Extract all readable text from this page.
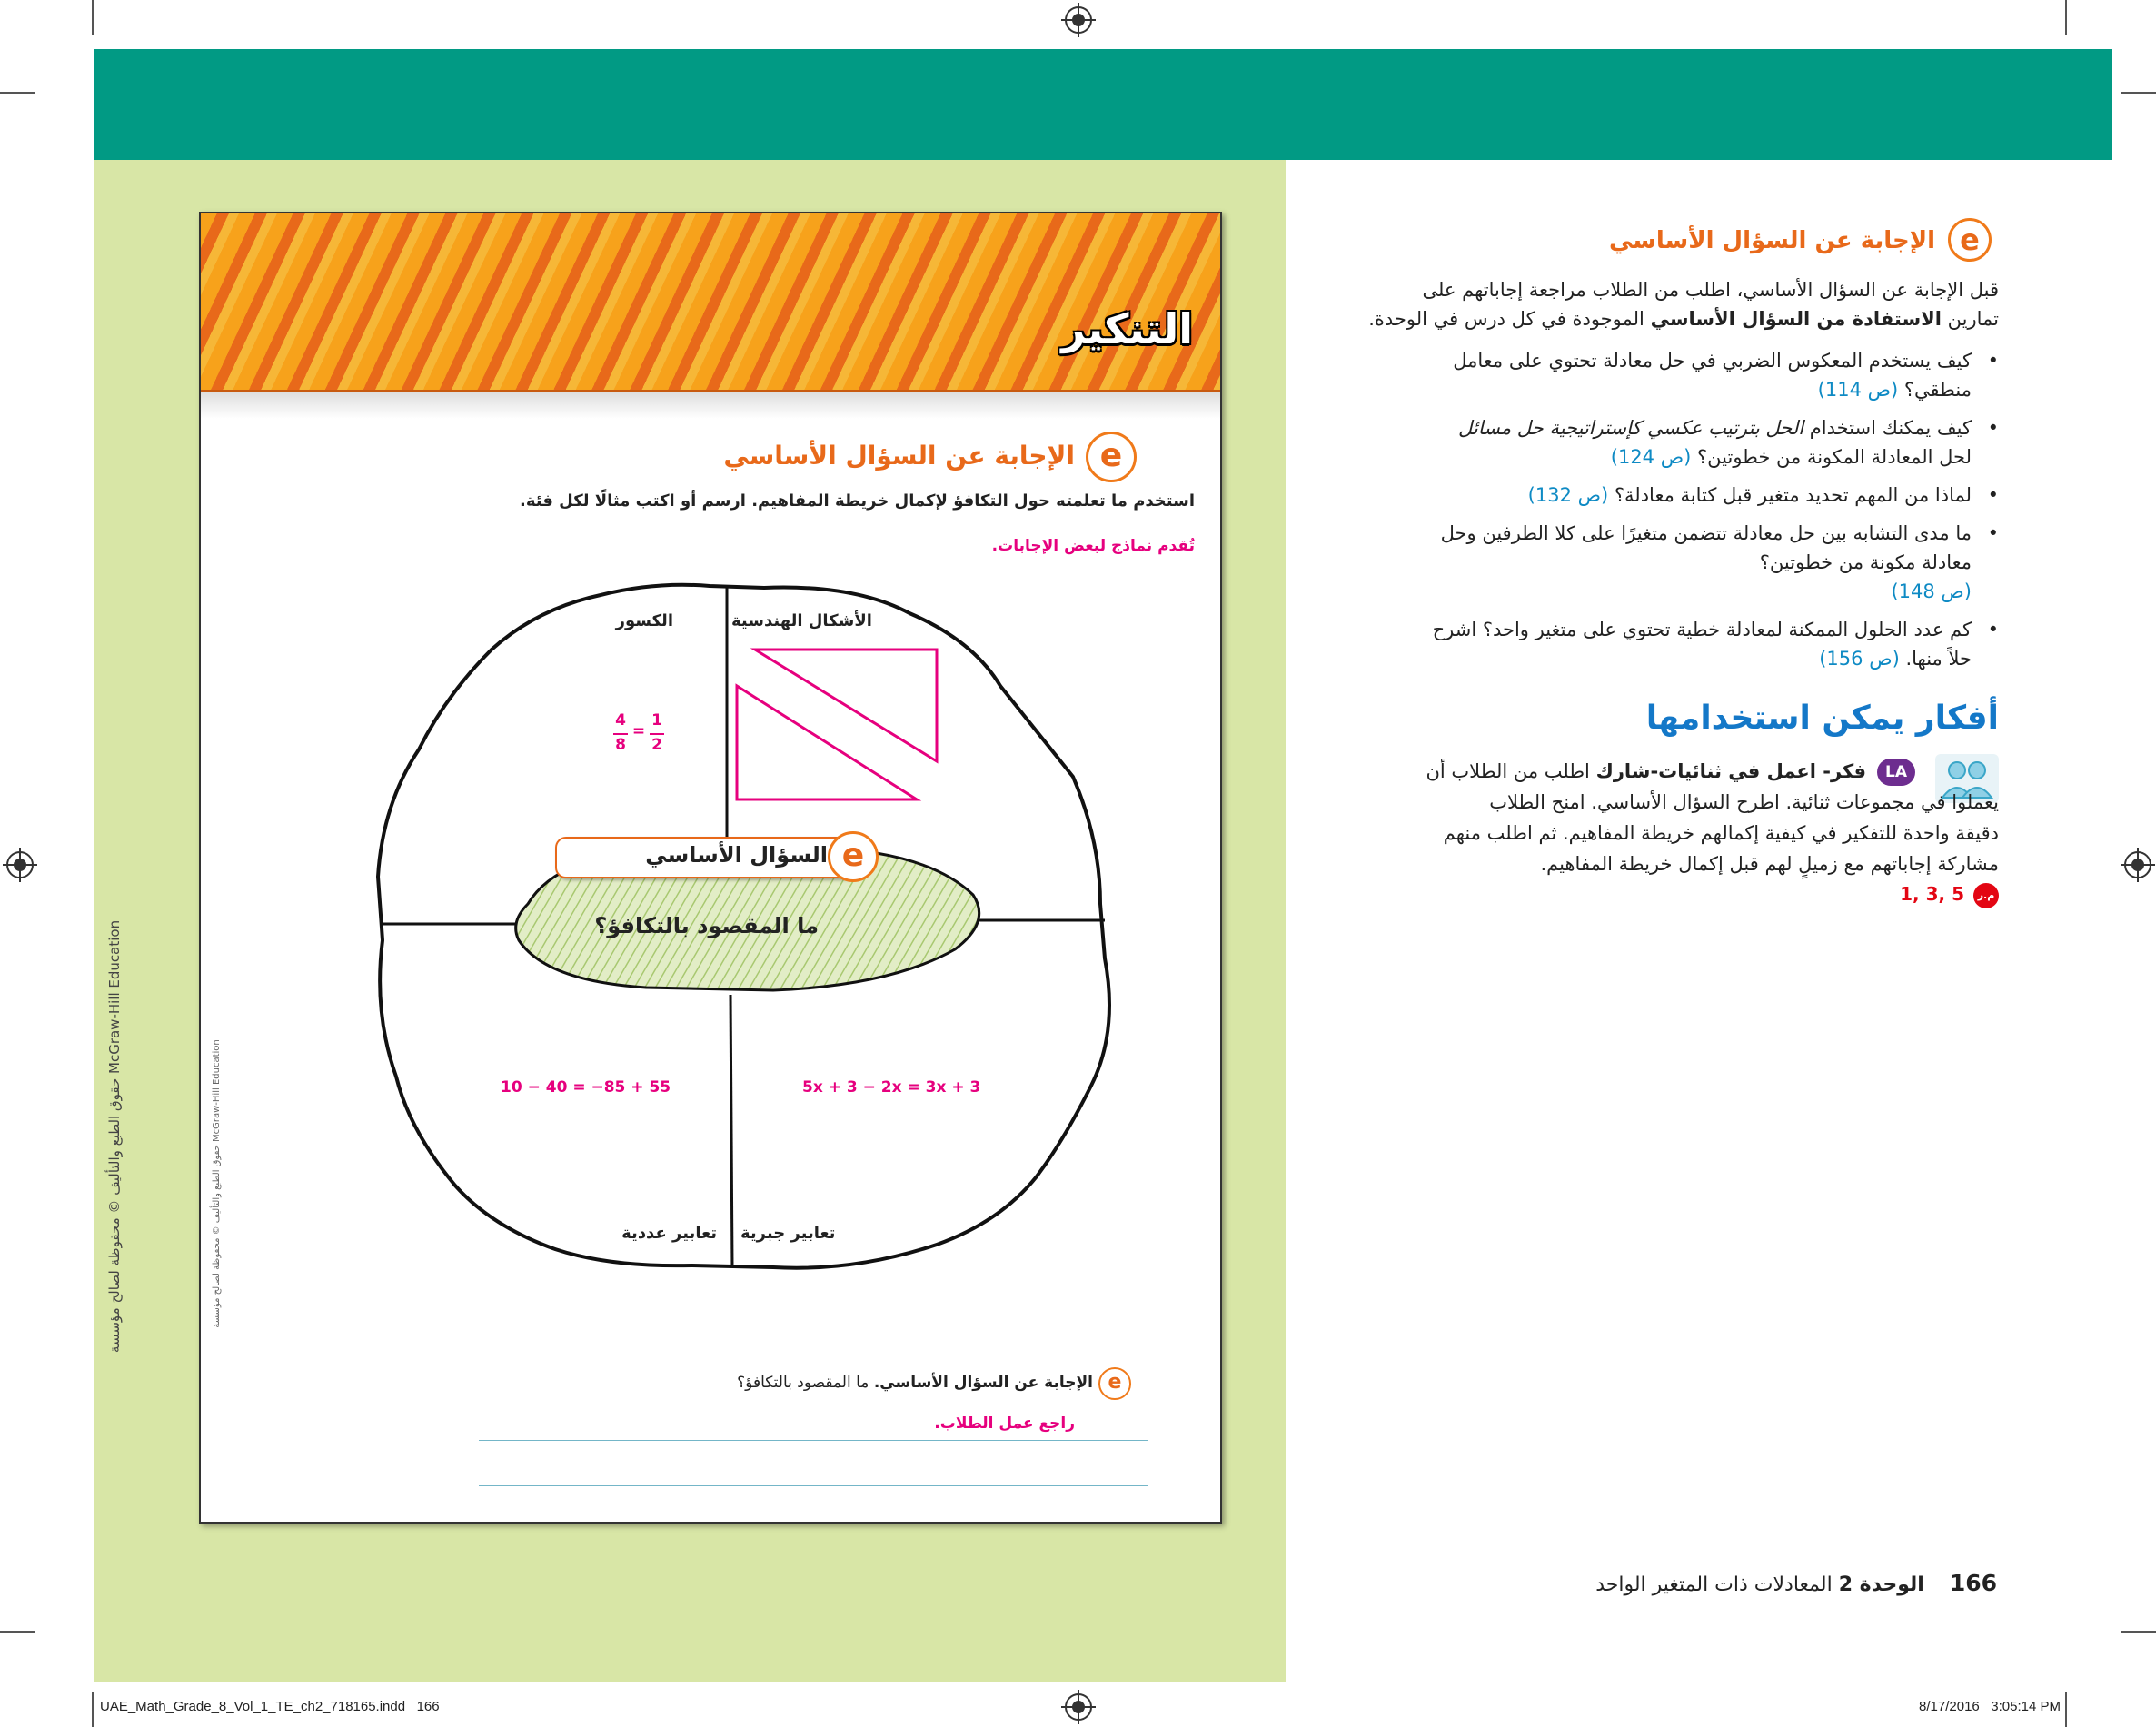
حقوق الطبع والتأليف © محفوظة لصالح مؤسسة McGraw-Hill Education
التنكير
e
الإجابة عن السؤال الأساسي
استخدم ما تعلمته حول التكافؤ لإكمال خريطة المفاهيم. ارسم أو اكتب مثالًا لكل فئة.
تُقدم نماذج لبعض الإجابات.
الأشكال الهندسية
الكسور
تعابير جبرية
تعابير عددية
4
8
=
1
2
السؤال الأساسي e
ما المقصود بالتكافؤ؟
10 − 40 = −85 + 55	5x + 3 − 2x = 3x + 3
حقوق الطبع والتأليف © محفوظة لصالح مؤسسة McGraw-Hill Education
e
الإجابة عن السؤال الأساسي. ما المقصود بالتكافؤ؟
راجع عمل الطلاب.
e
الإجابة عن السؤال الأساسي
قبل الإجابة عن السؤال الأساسي، اطلب من الطلاب مراجعة إجاباتهم على
تمارين الاستفادة من السؤال الأساسي الموجودة في كل درس في الوحدة.
•
كيف يستخدم المعكوس الضربي في حل معادلة تحتوي على معامل
منطقي؟ (ص 114)
•
كيف يمكنك استخدام الحل بترتيب عكسي كإستراتيجية حل مسائل
لحل المعادلة المكونة من خطوتين؟ (ص 124)
•
لماذا من المهم تحديد متغير قبل كتابة معادلة؟ (ص 132)
•
ما مدى التشابه بين حل معادلة تتضمن متغيرًا على كلا الطرفين وحل
معادلة مكونة من خطوتين؟
(ص 148)
•
كم عدد الحلول الممكنة لمعادلة خطية تحتوي على متغير واحد؟ اشرح
حلاً منها. (ص 156)
أفكار يمكن استخدامها
LA
فكر- اعمل في ثنائيات-شارك اطلب من الطلاب أن
يعملوا في مجموعات ثنائية. اطرح السؤال الأساسي. امنح الطلاب
دقيقة واحدة للتفكير في كيفية إكمالهم خريطة المفاهيم. ثم اطلب منهم
مشاركة إجاباتهم مع زميلٍ لهم قبل إكمال خريطة المفاهيم.
م.ر
1, 3, 5
166    الوحدة 2 المعادلات ذات المتغير الواحد
UAE_Math_Grade_8_Vol_1_TE_ch2_718165.indd   166	8/17/2016   3:05:14 PM
